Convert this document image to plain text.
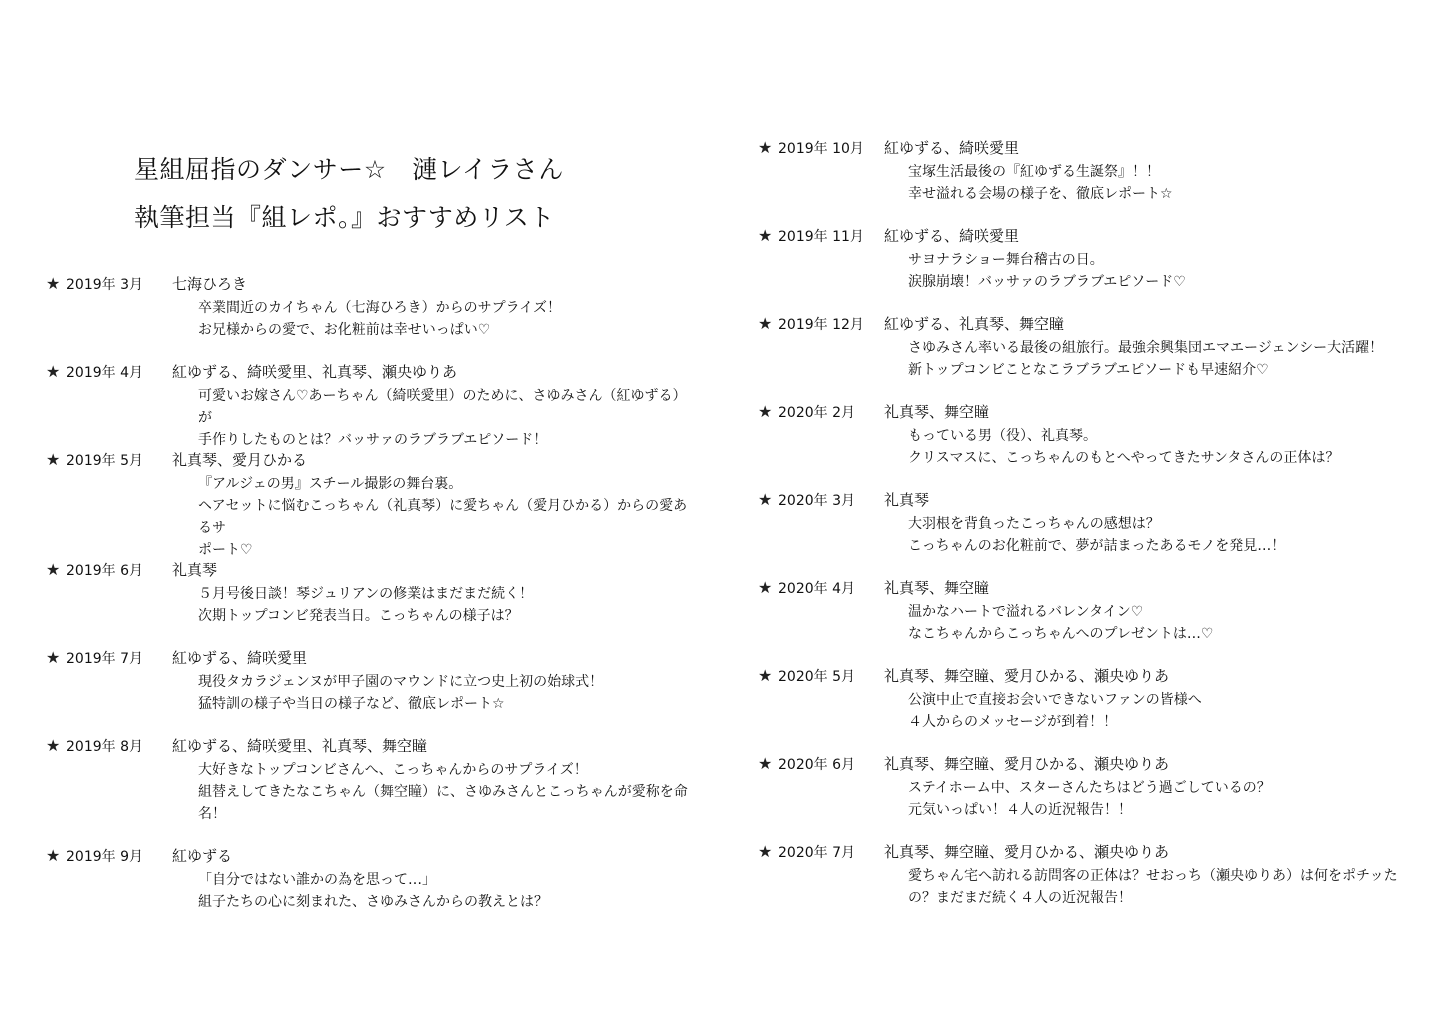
星組屈指のダンサー☆　漣レイラさん
執筆担当『組レポ。』おすすめリスト
★ 2019年 3月	七海ひろき

卒業間近のカイちゃん（七海ひろき）からのサプライズ！

お兄様からの愛で、お化粧前は幸せいっぱい♡

★ 2019年 4月	紅ゆずる、綺咲愛里、礼真琴、瀬央ゆりあ

可愛いお嫁さん♡あーちゃん（綺咲愛里）のために、さゆみさん（紅ゆずる）が

手作りしたものとは？バッサァのラブラブエピソード！

★ 2019年 5月	礼真琴、愛月ひかる

『アルジェの男』スチール撮影の舞台裏。

ヘアセットに悩むこっちゃん（礼真琴）に愛ちゃん（愛月ひかる）からの愛あるサ

ポート♡

★ 2019年 6月	礼真琴

５月号後日談！琴ジュリアンの修業はまだまだ続く！

次期トップコンビ発表当日。こっちゃんの様子は？

★ 2019年 7月	紅ゆずる、綺咲愛里

現役タカラジェンヌが甲子園のマウンドに立つ史上初の始球式！

猛特訓の様子や当日の様子など、徹底レポート☆

★ 2019年 8月	紅ゆずる、綺咲愛里、礼真琴、舞空瞳

大好きなトップコンビさんへ、こっちゃんからのサプライズ！

組替えしてきたなこちゃん（舞空瞳）に、さゆみさんとこっちゃんが愛称を命

名！

★ 2019年 9月	紅ゆずる

「自分ではない誰かの為を思って…」

組子たちの心に刻まれた、さゆみさんからの教えとは？

★ 2019年 10月	紅ゆずる、綺咲愛里

宝塚生活最後の『紅ゆずる生誕祭』！！

幸せ溢れる会場の様子を、徹底レポート☆

★ 2019年 11月	紅ゆずる、綺咲愛里

サヨナラショー舞台稽古の日。

涙腺崩壊！バッサァのラブラブエピソード♡

★ 2019年 12月	紅ゆずる、礼真琴、舞空瞳

さゆみさん率いる最後の組旅行。最強余興集団エマエージェンシー大活躍！

新トップコンビことなこラブラブエピソードも早速紹介♡

★ 2020年 2月	礼真琴、舞空瞳

もっている男（役）、礼真琴。

クリスマスに、こっちゃんのもとへやってきたサンタさんの正体は？

★ 2020年 3月	礼真琴

大羽根を背負ったこっちゃんの感想は？

こっちゃんのお化粧前で、夢が詰まったあるモノを発見…！

★ 2020年 4月	礼真琴、舞空瞳

温かなハートで溢れるバレンタイン♡

なこちゃんからこっちゃんへのプレゼントは…♡

★ 2020年 5月	礼真琴、舞空瞳、愛月ひかる、瀬央ゆりあ

公演中止で直接お会いできないファンの皆様へ

４人からのメッセージが到着！！

★ 2020年 6月	礼真琴、舞空瞳、愛月ひかる、瀬央ゆりあ

ステイホーム中、スターさんたちはどう過ごしているの？

元気いっぱい！４人の近況報告！！

★ 2020年 7月	礼真琴、舞空瞳、愛月ひかる、瀬央ゆりあ

愛ちゃん宅へ訪れる訪問客の正体は？せおっち（瀬央ゆりあ）は何をポチッた

の？まだまだ続く４人の近況報告！
